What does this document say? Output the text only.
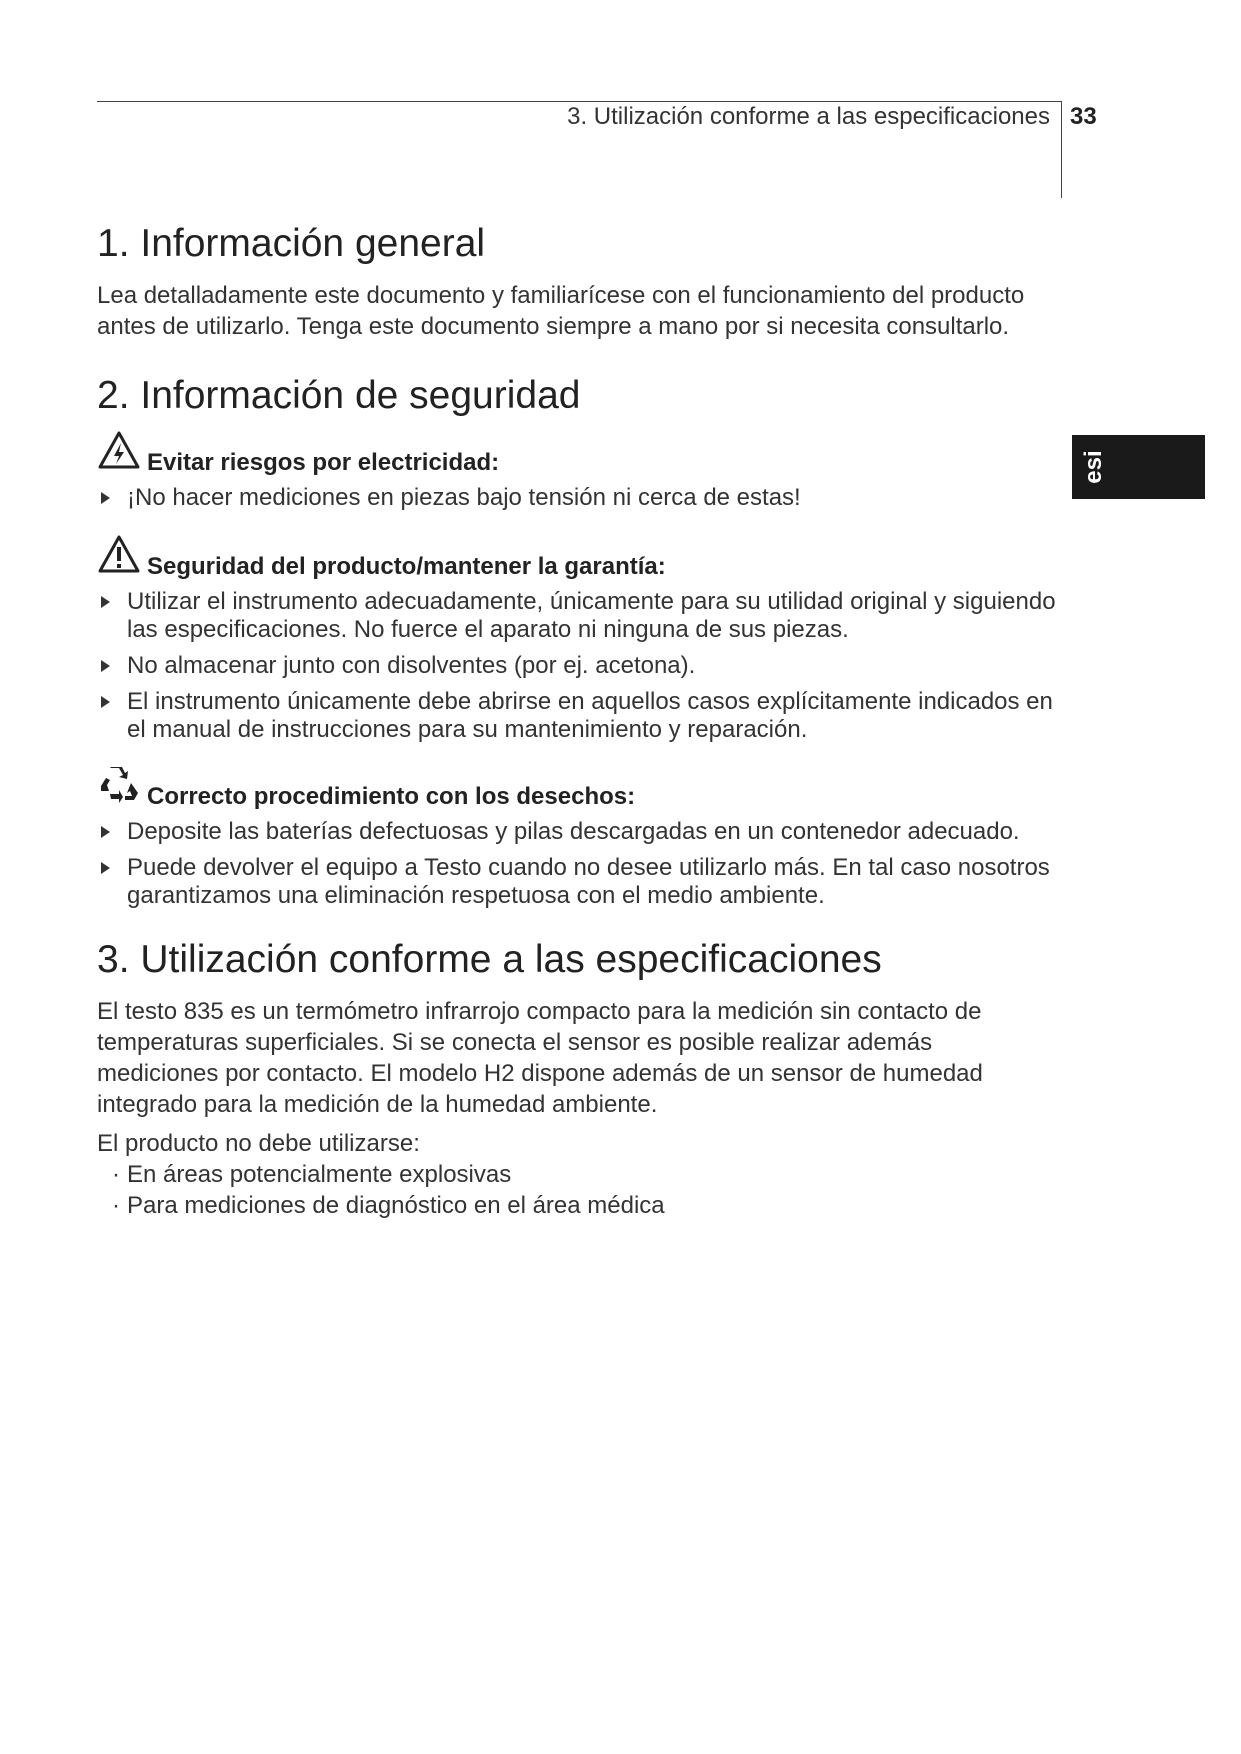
3. Utilización conforme a las especificaciones 33
esi
1. Información general

Lea detalladamente este documento y familiarícese con el funcionamiento del producto antes de utilizarlo. Tenga este documento siempre a mano por si necesita consultarlo.

2. Información de seguridad
Evitar riesgos por electricidad:
¡No hacer mediciones en piezas bajo tensión ni cerca de estas!
Seguridad del producto/mantener la garantía:
Utilizar el instrumento adecuadamente, únicamente para su utilidad original y siguiendo las especificaciones. No fuerce el aparato ni ninguna de sus piezas.
No almacenar junto con disolventes (por ej. acetona).
El instrumento únicamente debe abrirse en aquellos casos explícitamente indicados en el manual de instrucciones para su mantenimiento y reparación.
Correcto procedimiento con los desechos:
Deposite las baterías defectuosas y pilas descargadas en un contenedor adecuado.
Puede devolver el equipo a Testo cuando no desee utilizarlo más. En tal caso nosotros garantizamos una eliminación respetuosa con el medio ambiente.
3. Utilización conforme a las especificaciones

El testo 835 es un termómetro infrarrojo compacto para la medición sin contacto de temperaturas superficiales. Si se conecta el sensor es posible realizar además mediciones por contacto. El modelo H2 dispone además de un sensor de humedad integrado para la medición de la humedad ambiente.

El producto no debe utilizarse:

· En áreas potencialmente explosivas
· Para mediciones de diagnóstico en el área médica
